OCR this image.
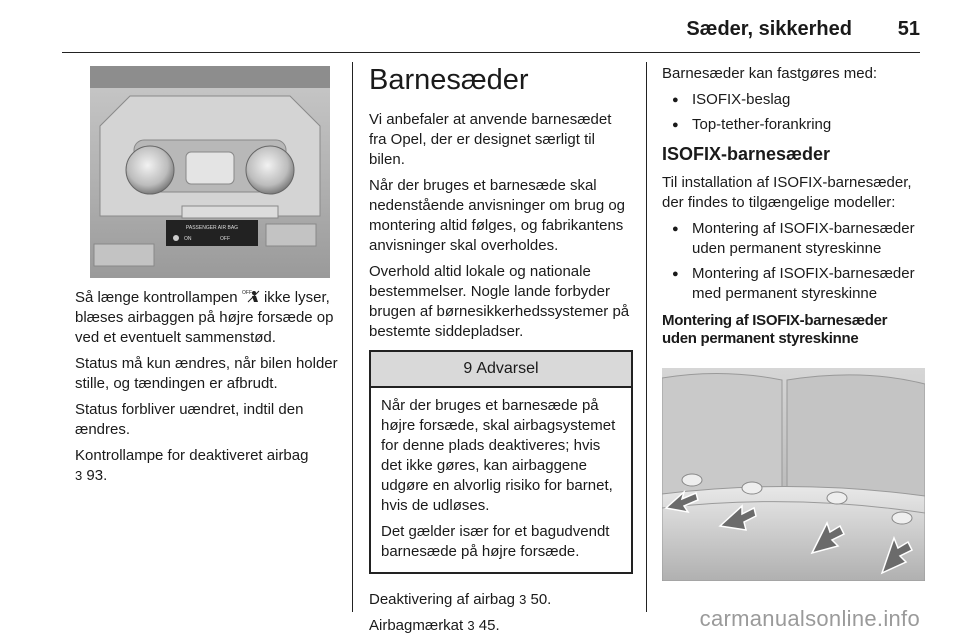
Sæder, sikkerhed 51
PASSENGER AIR BAG
ON	OFF

Så længe kontrollampen OFF ikke lyser, blæses airbaggen på højre forsæde op ved et eventuelt sammenstød.

Status må kun ændres, når bilen holder stille, og tændingen er afbrudt.

Status forbliver uændret, indtil den ændres.

Kontrollampe for deaktiveret airbag
3 93.

Barnesæder

Vi anbefaler at anvende barnesædet fra Opel, der er designet særligt til bilen.

Når der bruges et barnesæde skal nedenstående anvisninger om brug og montering altid følges, og fabrikantens anvisninger skal overholdes.

Overhold altid lokale og nationale bestemmelser. Nogle lande forbyder brugen af børnesikkerhedssystemer på bestemte siddepladser.

9 Advarsel

Når der bruges et barnesæde på højre forsæde, skal airbagsystemet for denne plads deaktiveres; hvis det ikke gøres, kan airbaggene udgøre en alvorlig risiko for barnet, hvis de udløses.

Det gælder især for et bagudvendt barnesæde på højre forsæde.

Deaktivering af airbag 3 50.

Airbagmærkat 3 45.

Barnesæder kan fastgøres med:

● ISOFIX-beslag
● Top-tether-forankring
ISOFIX-barnesæder

Til installation af ISOFIX-barnesæder, der findes to tilgængelige modeller:

● Montering af ISOFIX-barnesæder uden permanent styreskinne
● Montering af ISOFIX-barnesæder med permanent styreskinne
Montering af ISOFIX-barnesæder uden permanent styreskinne
carmanualsonline.info
